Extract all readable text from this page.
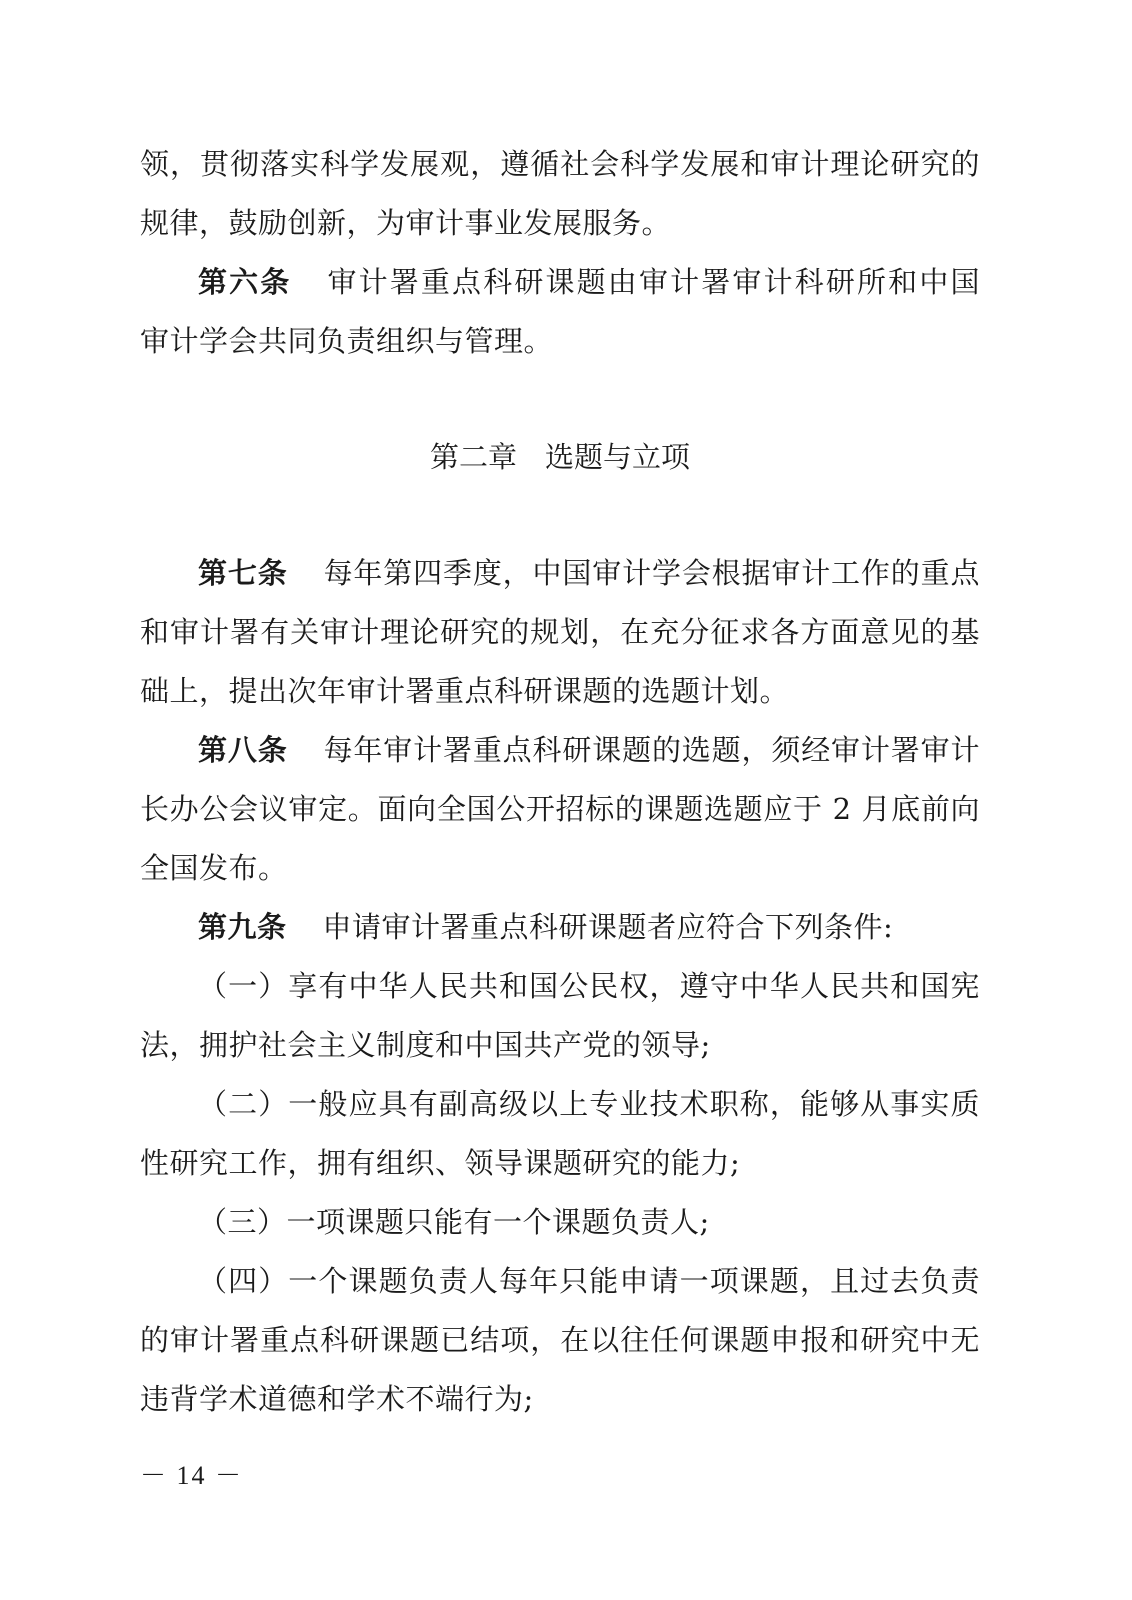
领，贯彻落实科学发展观，遵循社会科学发展和审计理论研究的
规律，鼓励创新，为审计事业发展服务。
第六条 审计署重点科研课题由审计署审计科研所和中国
审计学会共同负责组织与管理。
第二章 选题与立项
第七条 每年第四季度，中国审计学会根据审计工作的重点
和审计署有关审计理论研究的规划，在充分征求各方面意见的基
础上，提出次年审计署重点科研课题的选题计划。
第八条 每年审计署重点科研课题的选题，须经审计署审计
长办公会议审定。面向全国公开招标的课题选题应于 2 月底前向
全国发布。
第九条 申请审计署重点科研课题者应符合下列条件:
（一）享有中华人民共和国公民权，遵守中华人民共和国宪
法，拥护社会主义制度和中国共产党的领导;
（二）一般应具有副高级以上专业技术职称，能够从事实质
性研究工作，拥有组织、领导课题研究的能力;
（三）一项课题只能有一个课题负责人;
（四）一个课题负责人每年只能申请一项课题，且过去负责
的审计署重点科研课题已结项，在以往任何课题申报和研究中无
违背学术道德和学术不端行为;
－ 14 －
